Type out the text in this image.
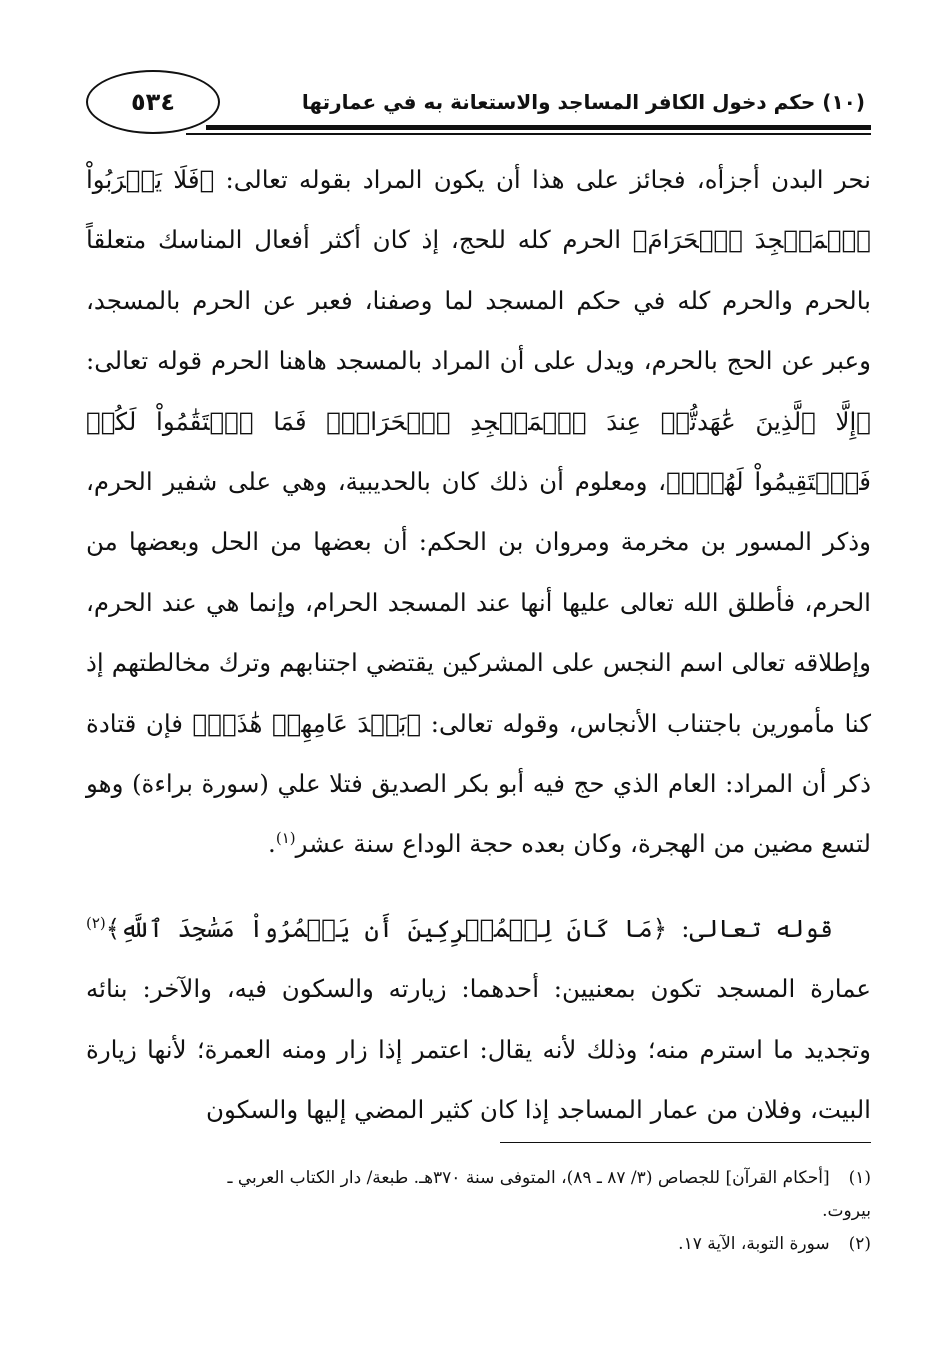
٥٣٤	(١٠) حكم دخول الكافر المساجد والاستعانة به في عمارتها

نحر البدن أجزأه، فجائز على هذا أن يكون المراد بقوله تعالى: ﴿فَلَا يَقۡرَبُواْ ٱلۡمَسۡجِدَ ٱلۡحَرَامَ﴾ الحرم كله للحج، إذ كان أكثر أفعال المناسك متعلقاً بالحرم والحرم كله في حكم المسجد لما وصفنا، فعبر عن الحرم بالمسجد، وعبر عن الحج بالحرم، ويدل على أن المراد بالمسجد هاهنا الحرم قوله تعالى: ﴿إِلَّا ٱلَّذِينَ عَٰهَدتُّمۡ عِندَ ٱلۡمَسۡجِدِ ٱلۡحَرَامِۖ فَمَا ٱسۡتَقَٰمُواْ لَكُمۡ فَٱسۡتَقِيمُواْ لَهُمۡۚ﴾، ومعلوم أن ذلك كان بالحديبية، وهي على شفير الحرم، وذكر المسور بن مخرمة ومروان بن الحكم: أن بعضها من الحل وبعضها من الحرم، فأطلق الله تعالى عليها أنها عند المسجد الحرام، وإنما هي عند الحرم، وإطلاقه تعالى اسم النجس على المشركين يقتضي اجتنابهم وترك مخالطتهم إذ كنا مأمورين باجتناب الأنجاس، وقوله تعالى: ﴿بَعۡدَ عَامِهِمۡ هَٰذَاۚ﴾ فإن قتادة ذكر أن المراد: العام الذي حج فيه أبو بكر الصديق فتلا علي (سورة براءة) وهو لتسع مضين من الهجرة، وكان بعده حجة الوداع سنة عشر$^{(١)}$.

قوله تعالى: ﴿مَا كَانَ لِلۡمُشۡرِكِينَ أَن يَعۡمُرُواْ مَسَٰجِدَ ٱللَّهِ﴾$^{(٢)}$ عمارة المسجد تكون بمعنيين: أحدهما: زيارته والسكون فيه، والآخر: بنائه وتجديد ما استرم منه؛ وذلك لأنه يقال: اعتمر إذا زار ومنه العمرة؛ لأنها زيارة البيت، وفلان من عمار المساجد إذا كان كثير المضي إليها والسكون

(١) [أحكام القرآن] للجصاص (٣/ ٨٧ ـ ٨٩)، المتوفى سنة ٣٧٠هـ. طبعة/ دار الكتاب العربي ـ

بيروت.

(٢) سورة التوبة، الآية ١٧.
